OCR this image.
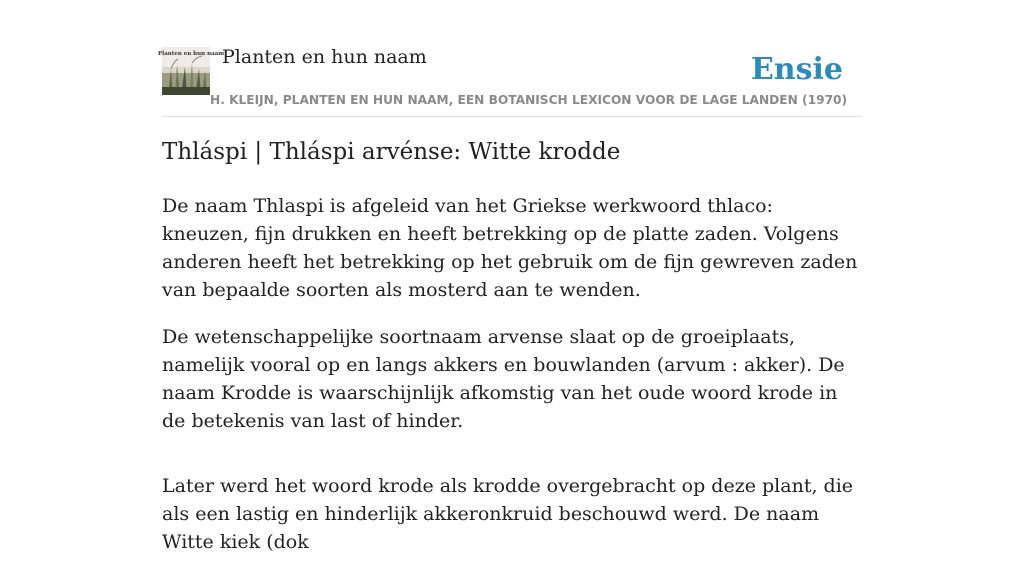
Planten en hun naam
Planten en hun naam	Ensie
H. KLEIJN, PLANTEN EN HUN NAAM, EEN BOTANISCH LEXICON VOOR DE LAGE LANDEN (1970)
Thláspi | Thláspi arvénse: Witte krodde

De naam Thlaspi is afgeleid van het Griekse werkwoord thlaco: kneuzen, fijn drukken en heeft betrekking op de platte zaden. Volgens anderen heeft het betrekking op het gebruik om de fijn gewreven zaden van bepaalde soorten als mosterd aan te wenden.

De wetenschappelijke soortnaam arvense slaat op de groeiplaats, namelijk vooral op en langs akkers en bouwlanden (arvum : akker). De naam Krodde is waarschijnlijk afkomstig van het oude woord krode in de betekenis van last of hinder.

Later werd het woord krode als krodde overgebracht op deze plant, die als een lastig en hinderlijk akkeronkruid beschouwd werd. De naam Witte kiek (dok
